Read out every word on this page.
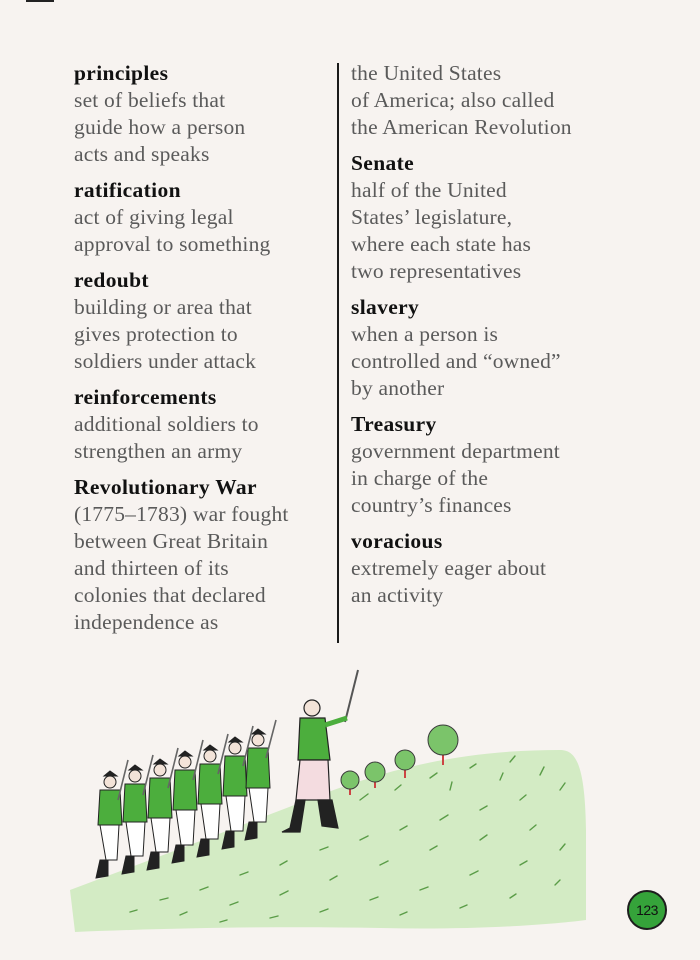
principles
set of beliefs that
guide how a person
acts and speaks
ratification
act of giving legal
approval to something
redoubt
building or area that
gives protection to
soldiers under attack
reinforcements
additional soldiers to
strengthen an army
Revolutionary War
(1775–1783) war fought
between Great Britain
and thirteen of its
colonies that declared
independence as
the United States
of America; also called
the American Revolution
Senate
half of the United
States’ legislature,
where each state has
two representatives
slavery
when a person is
controlled and “owned”
by another
Treasury
government department
in charge of the
country’s finances
voracious
extremely eager about
an activity
123
